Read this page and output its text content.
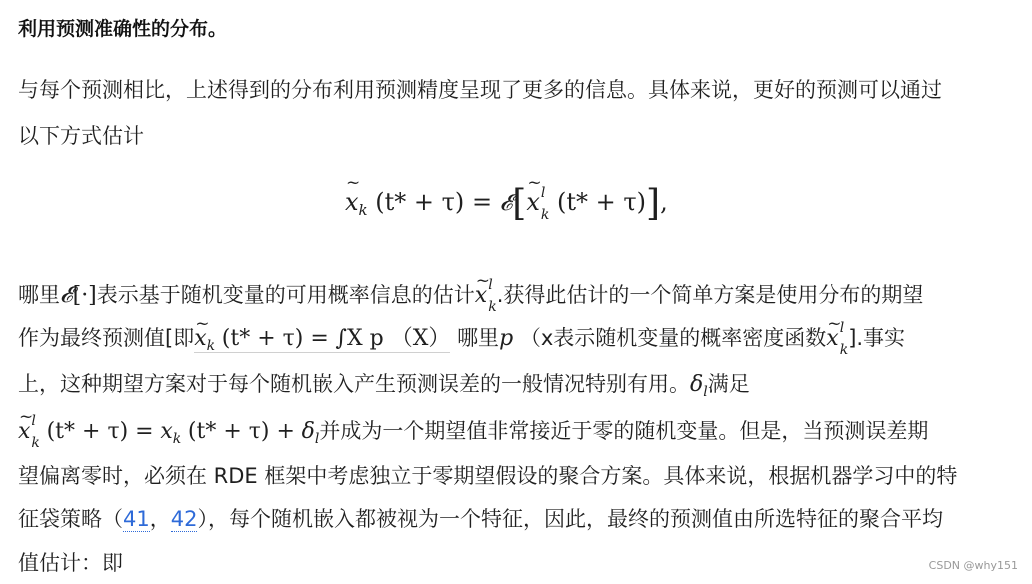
利用预测准确性的分布。
与每个预测相比，上述得到的分布利用预测精度呈现了更多的信息。具体来说，更好的预测可以通过
以下方式估计
~ $x_k$ (t* + τ) = 𝓔[~ x l
k (t* + τ)],
哪里𝓔[·]表示基于随机变量的可用概率信息的估计~ x l
k .获得此估计的一个简单方案是使用分布的期望
作为最终预测值[即~ $x_k$ (t* + τ) = ∫X p （X） 哪里p （x表示随机变量的概率密度函数~ x l
k ].事实
上，这种期望方案对于每个随机嵌入产生预测误差的一般情况特别有用。$\delta_l$满足
~ x l
k $(t* + \tau) = x_k$ $(t* + \tau) + \delta_l$并成为一个期望值非常接近于零的随机变量。但是，当预测误差期
望偏离零时，必须在 RDE 框架中考虑独立于零期望假设的聚合方案。具体来说，根据机器学习中的特
征袋策略（41，42），每个随机嵌入都被视为一个特征，因此，最终的预测值由所选特征的聚合平均
值估计：即	CSDN @why151
